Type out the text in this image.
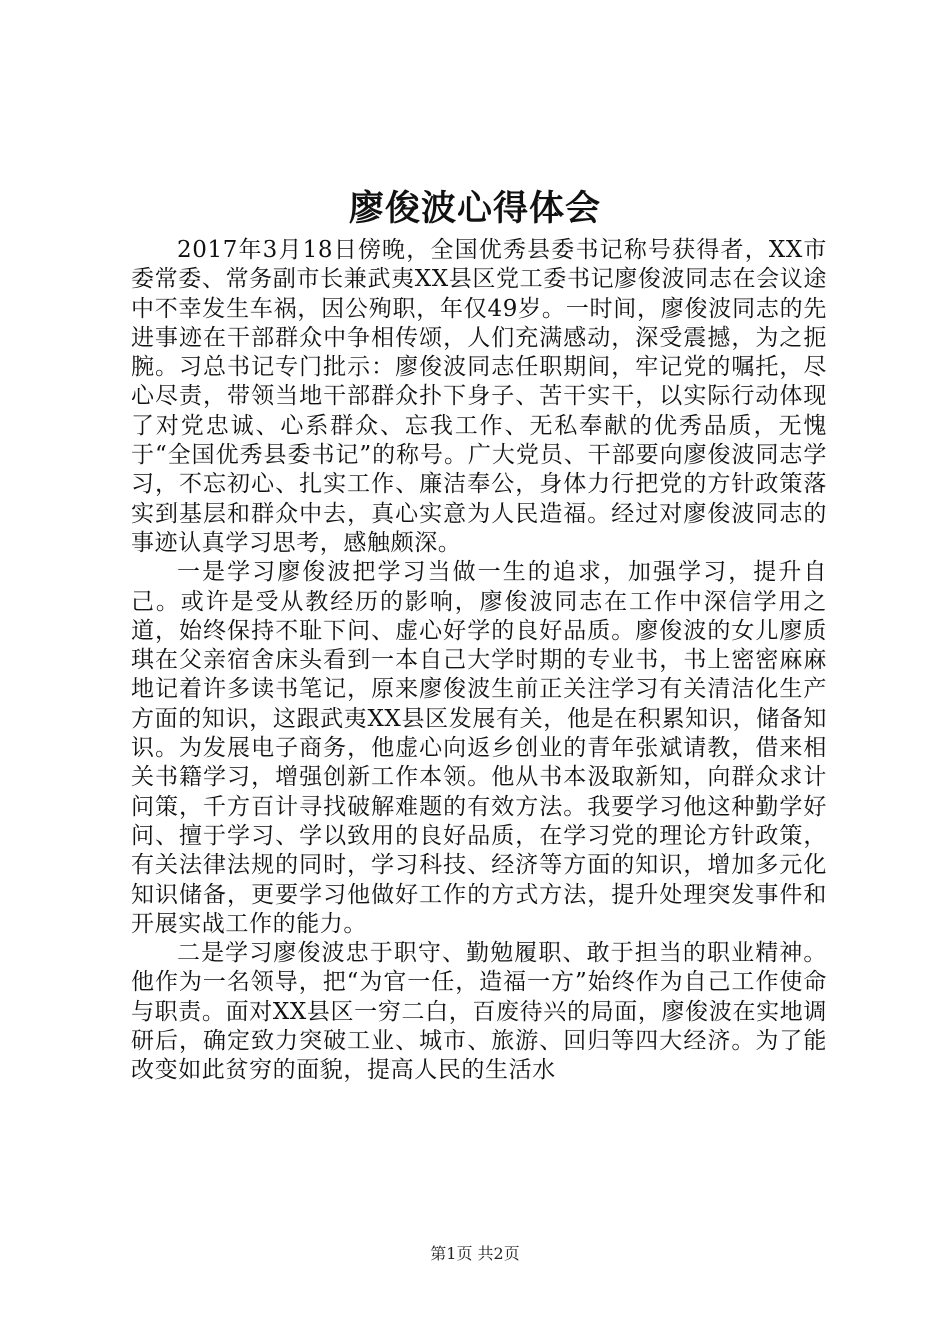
廖俊波心得体会

2017年3月18日傍晚，全国优秀县委书记称号获得者，XX市委常委、常务副市长兼武夷XX县区党工委书记廖俊波同志在会议途中不幸发生车祸，因公殉职，年仅49岁。一时间，廖俊波同志的先进事迹在干部群众中争相传颂，人们充满感动，深受震撼，为之扼腕。习总书记专门批示：廖俊波同志任职期间，牢记党的嘱托，尽心尽责，带领当地干部群众扑下身子、苦干实干，以实际行动体现了对党忠诚、心系群众、忘我工作、无私奉献的优秀品质，无愧于“全国优秀县委书记”的称号。广大党员、干部要向廖俊波同志学习，不忘初心、扎实工作、廉洁奉公，身体力行把党的方针政策落实到基层和群众中去，真心实意为人民造福。经过对廖俊波同志的事迹认真学习思考，感触颇深。

一是学习廖俊波把学习当做一生的追求，加强学习，提升自己。或许是受从教经历的影响，廖俊波同志在工作中深信学用之道，始终保持不耻下问、虚心好学的良好品质。廖俊波的女儿廖质琪在父亲宿舍床头看到一本自己大学时期的专业书，书上密密麻麻地记着许多读书笔记，原来廖俊波生前正关注学习有关清洁化生产方面的知识，这跟武夷XX县区发展有关，他是在积累知识，储备知识。为发展电子商务，他虚心向返乡创业的青年张斌请教，借来相关书籍学习，增强创新工作本领。他从书本汲取新知，向群众求计问策，千方百计寻找破解难题的有效方法。我要学习他这种勤学好问、擅于学习、学以致用的良好品质，在学习党的理论方针政策，有关法律法规的同时，学习科技、经济等方面的知识，增加多元化知识储备，更要学习他做好工作的方式方法，提升处理突发事件和开展实战工作的能力。

二是学习廖俊波忠于职守、勤勉履职、敢于担当的职业精神。他作为一名领导，把“为官一任，造福一方”始终作为自己工作使命与职责。面对XX县区一穷二白，百废待兴的局面，廖俊波在实地调研后，确定致力突破工业、城市、旅游、回归等四大经济。为了能改变如此贫穷的面貌，提高人民的生活水

第1页 共2页
